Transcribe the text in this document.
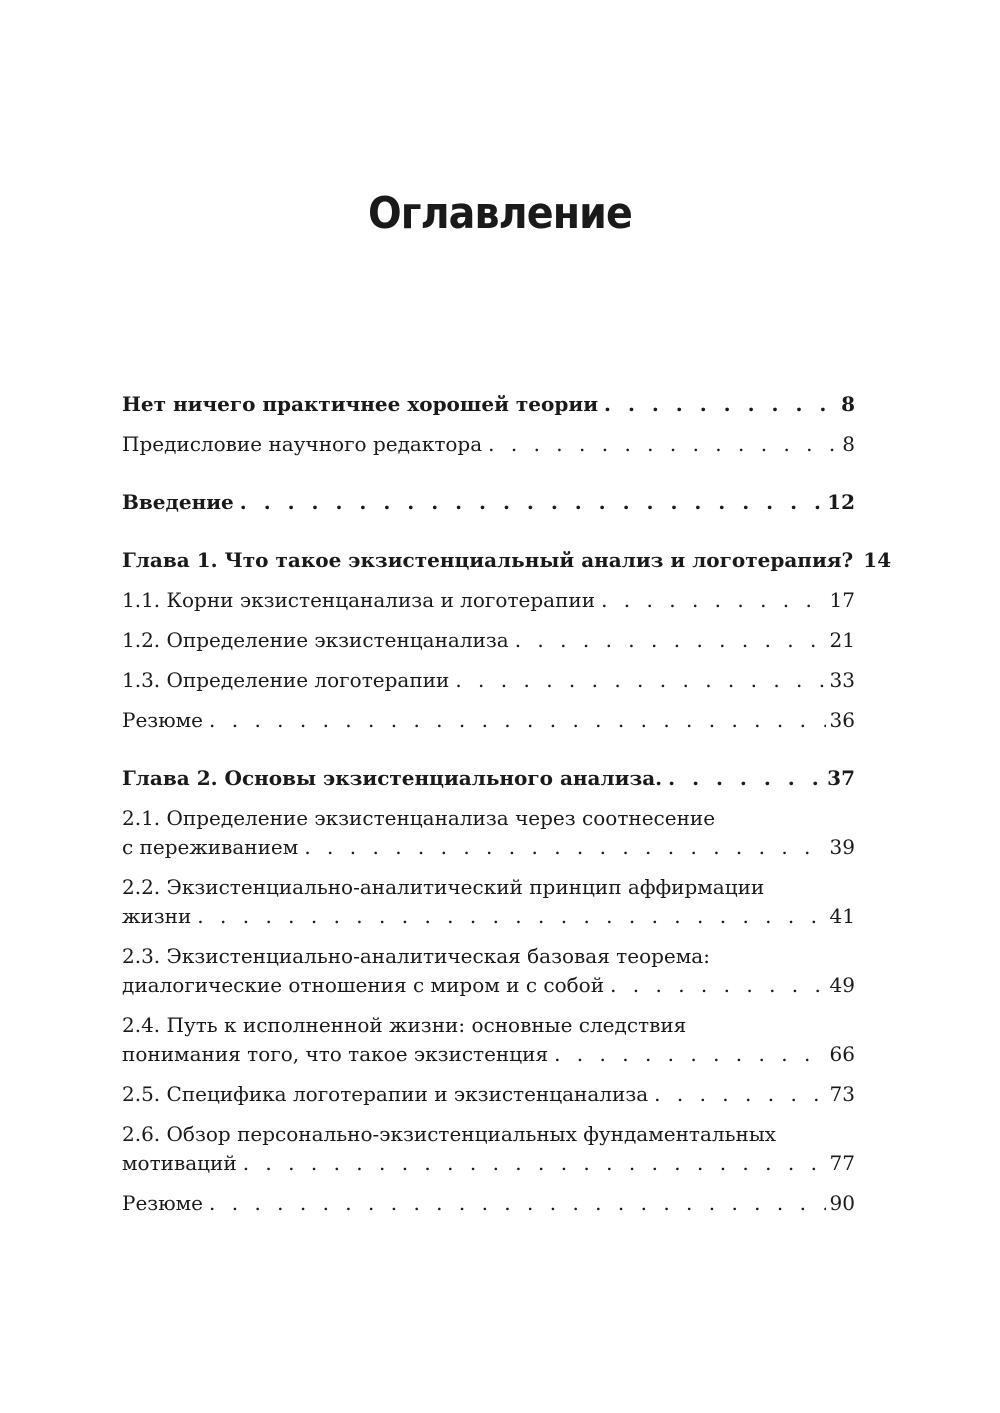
Оглавление
Нет ничего практичнее хорошей теории . . .	8
Предисловие научного редактора . . .	8
Введение . . .	12
Глава 1. Что такое экзистенциальный анализ и логотерапия? 14
1.1. Корни экзистенцанализа и логотерапии . . .	17
1.2. Определение экзистенцанализа . . .	21
1.3. Определение логотерапии . . .	33
Резюме . . .	36
Глава 2. Основы экзистенциального анализа. . . .	37
2.1. Определение экзистенцанализа через соотнесение
с переживанием . . .	39
2.2. Экзистенциально-аналитический принцип аффирмации
жизни . . .	41
2.3. Экзистенциально-аналитическая базовая теорема:
диалогические отношения с миром и с собой . . .	49
2.4. Путь к исполненной жизни: основные следствия
понимания того, что такое экзистенция . . .	66
2.5. Специфика логотерапии и экзистенцанализа . . .	73
2.6. Обзор персонально-экзистенциальных фундаментальных
мотиваций . . .	77
Резюме . . .	90
